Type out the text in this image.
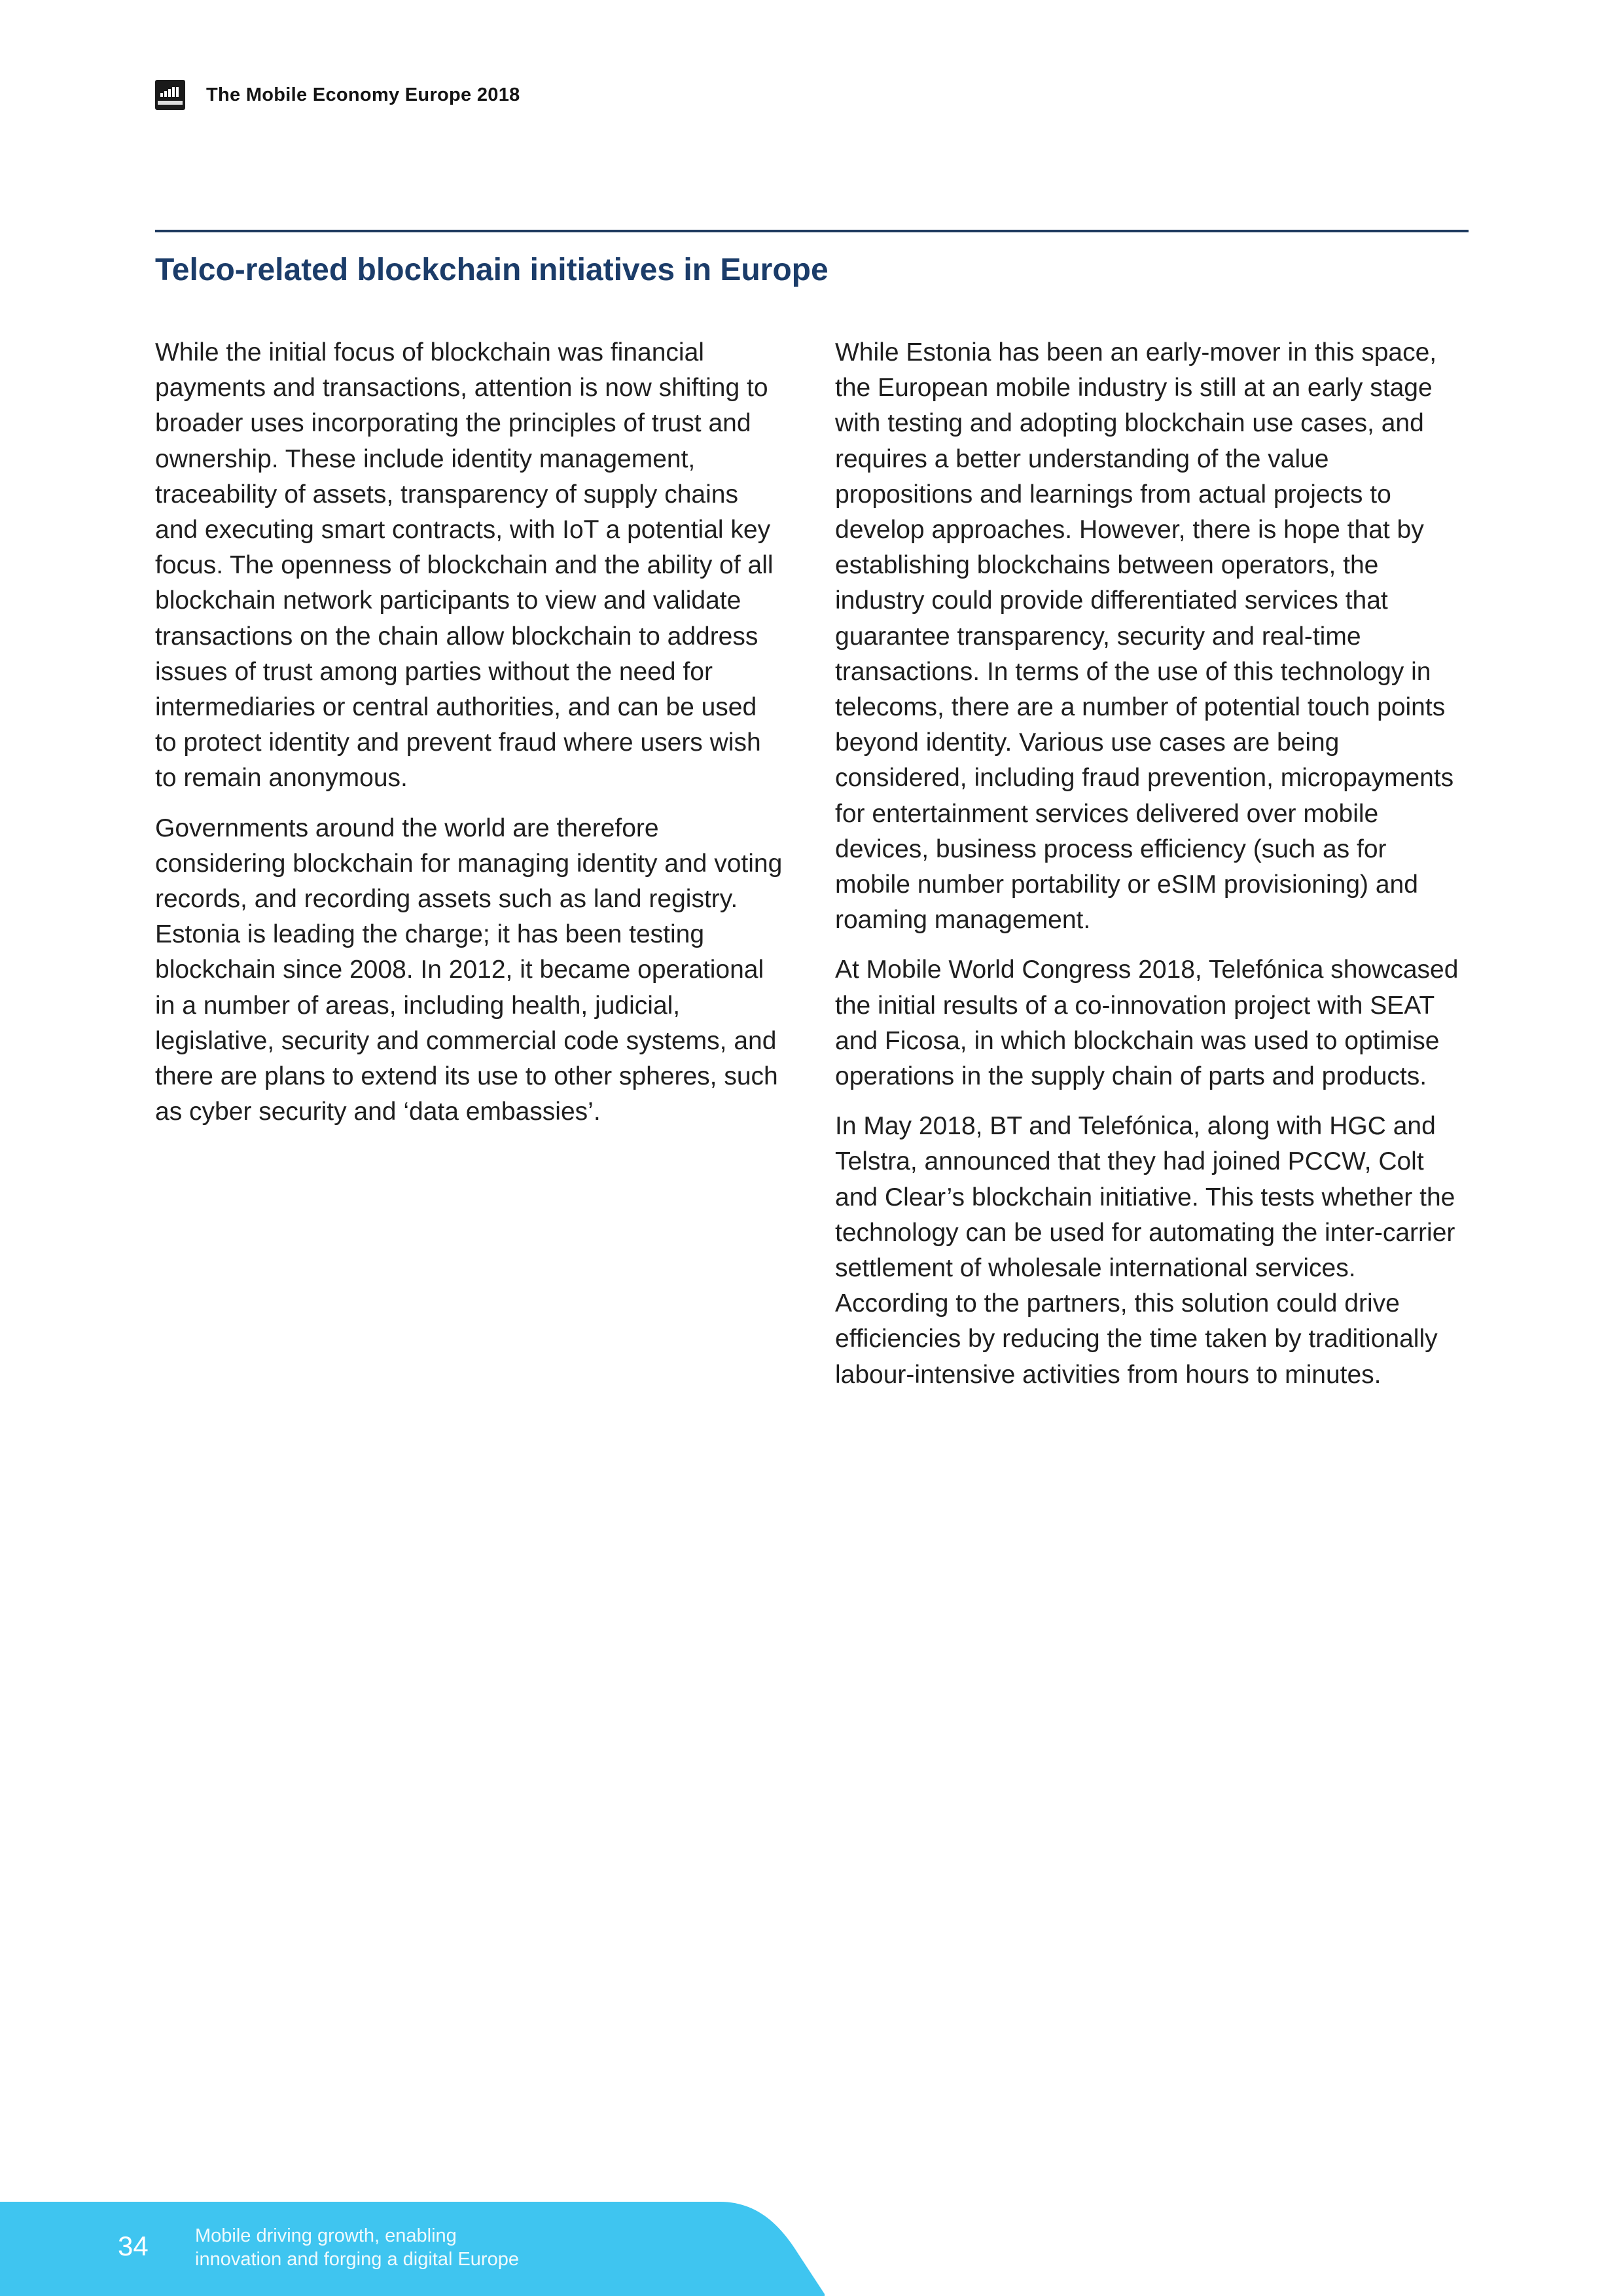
The Mobile Economy Europe 2018
Telco-related blockchain initiatives in Europe

While the initial focus of blockchain was financial payments and transactions, attention is now shifting to broader uses incorporating the principles of trust and ownership. These include identity management, traceability of assets, transparency of supply chains and executing smart contracts, with IoT a potential key focus. The openness of blockchain and the ability of all blockchain network participants to view and validate transactions on the chain allow blockchain to address issues of trust among parties without the need for intermediaries or central authorities, and can be used to protect identity and prevent fraud where users wish to remain anonymous.

Governments around the world are therefore considering blockchain for managing identity and voting records, and recording assets such as land registry. Estonia is leading the charge; it has been testing blockchain since 2008. In 2012, it became operational in a number of areas, including health, judicial, legislative, security and commercial code systems, and there are plans to extend its use to other spheres, such as cyber security and ‘data embassies’.

While Estonia has been an early-mover in this space, the European mobile industry is still at an early stage with testing and adopting blockchain use cases, and requires a better understanding of the value propositions and learnings from actual projects to develop approaches. However, there is hope that by establishing blockchains between operators, the industry could provide differentiated services that guarantee transparency, security and real-time transactions. In terms of the use of this technology in telecoms, there are a number of potential touch points beyond identity. Various use cases are being considered, including fraud prevention, micropayments for entertainment services delivered over mobile devices, business process efficiency (such as for mobile number portability or eSIM provisioning) and roaming management.

At Mobile World Congress 2018, Telefónica showcased the initial results of a co-innovation project with SEAT and Ficosa, in which blockchain was used to optimise operations in the supply chain of parts and products.

In May 2018, BT and Telefónica, along with HGC and Telstra, announced that they had joined PCCW, Colt and Clear’s blockchain initiative. This tests whether the technology can be used for automating the inter-carrier settlement of wholesale international services. According to the partners, this solution could drive efficiencies by reducing the time taken by traditionally labour-intensive activities from hours to minutes.

34 Mobile driving growth, enabling
innovation and forging a digital Europe
